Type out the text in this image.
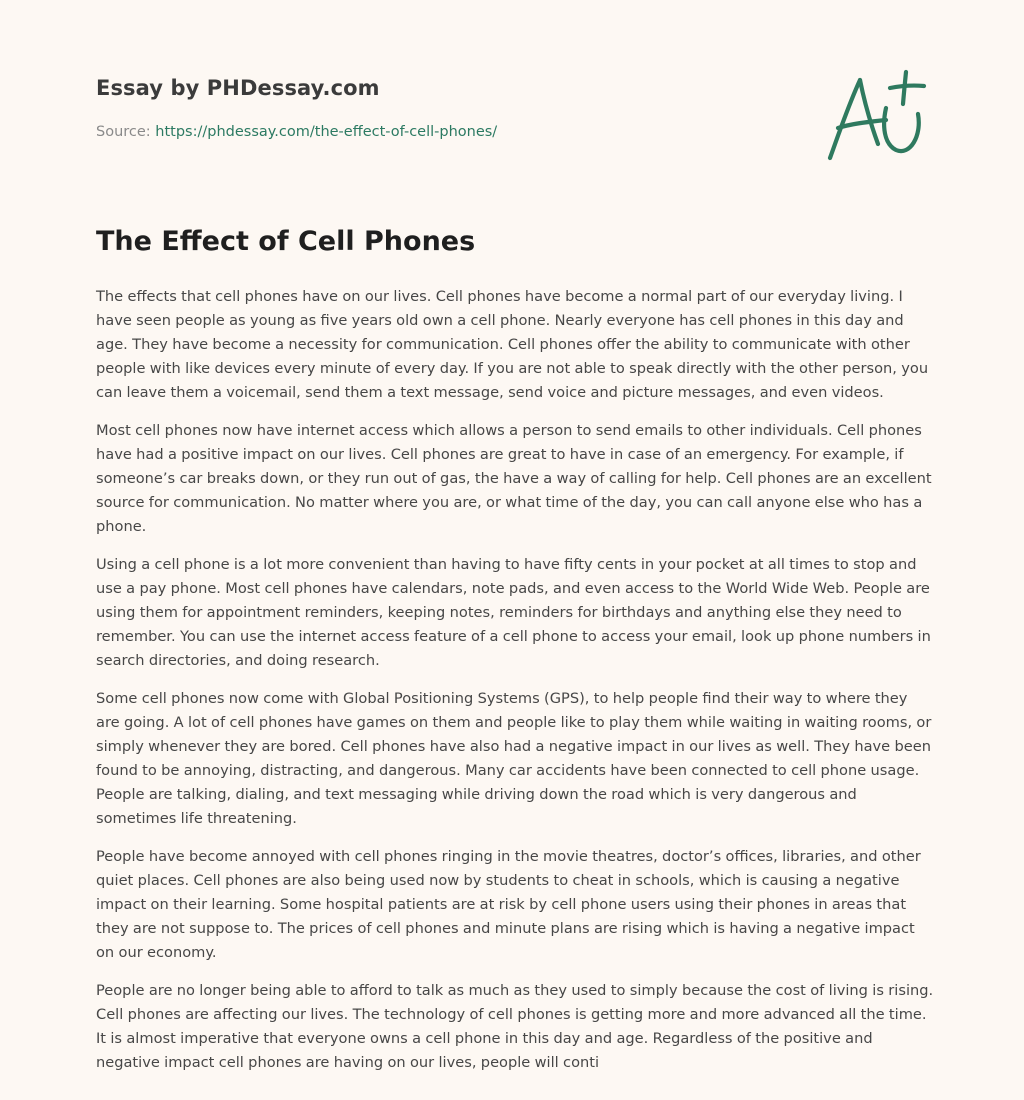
Essay by PHDessay.com
Source: https://phdessay.com/the-effect-of-cell-phones/
The Effect of Cell Phones

The effects that cell phones have on our lives. Cell phones have become a normal part of our everyday living. I have seen people as young as five years old own a cell phone. Nearly everyone has cell phones in this day and age. They have become a necessity for communication. Cell phones offer the ability to communicate with other people with like devices every minute of every day. If you are not able to speak directly with the other person, you can leave them a voicemail, send them a text message, send voice and picture messages, and even videos.

Most cell phones now have internet access which allows a person to send emails to other individuals. Cell phones have had a positive impact on our lives. Cell phones are great to have in case of an emergency. For example, if someone’s car breaks down, or they run out of gas, the have a way of calling for help. Cell phones are an excellent source for communication. No matter where you are, or what time of the day, you can call anyone else who has a phone.

Using a cell phone is a lot more convenient than having to have fifty cents in your pocket at all times to stop and use a pay phone. Most cell phones have calendars, note pads, and even access to the World Wide Web. People are using them for appointment reminders, keeping notes, reminders for birthdays and anything else they need to remember. You can use the internet access feature of a cell phone to access your email, look up phone numbers in search directories, and doing research.

Some cell phones now come with Global Positioning Systems (GPS), to help people find their way to where they are going. A lot of cell phones have games on them and people like to play them while waiting in waiting rooms, or simply whenever they are bored. Cell phones have also had a negative impact in our lives as well. They have been found to be annoying, distracting, and dangerous. Many car accidents have been connected to cell phone usage. People are talking, dialing, and text messaging while driving down the road which is very dangerous and sometimes life threatening.

People have become annoyed with cell phones ringing in the movie theatres, doctor’s offices, libraries, and other quiet places. Cell phones are also being used now by students to cheat in schools, which is causing a negative impact on their learning. Some hospital patients are at risk by cell phone users using their phones in areas that they are not suppose to. The prices of cell phones and minute plans are rising which is having a negative impact on our economy.

People are no longer being able to afford to talk as much as they used to simply because the cost of living is rising. Cell phones are affecting our lives. The technology of cell phones is getting more and more advanced all the time. It is almost imperative that everyone owns a cell phone in this day and age. Regardless of the positive and negative impact cell phones are having on our lives, people will conti
